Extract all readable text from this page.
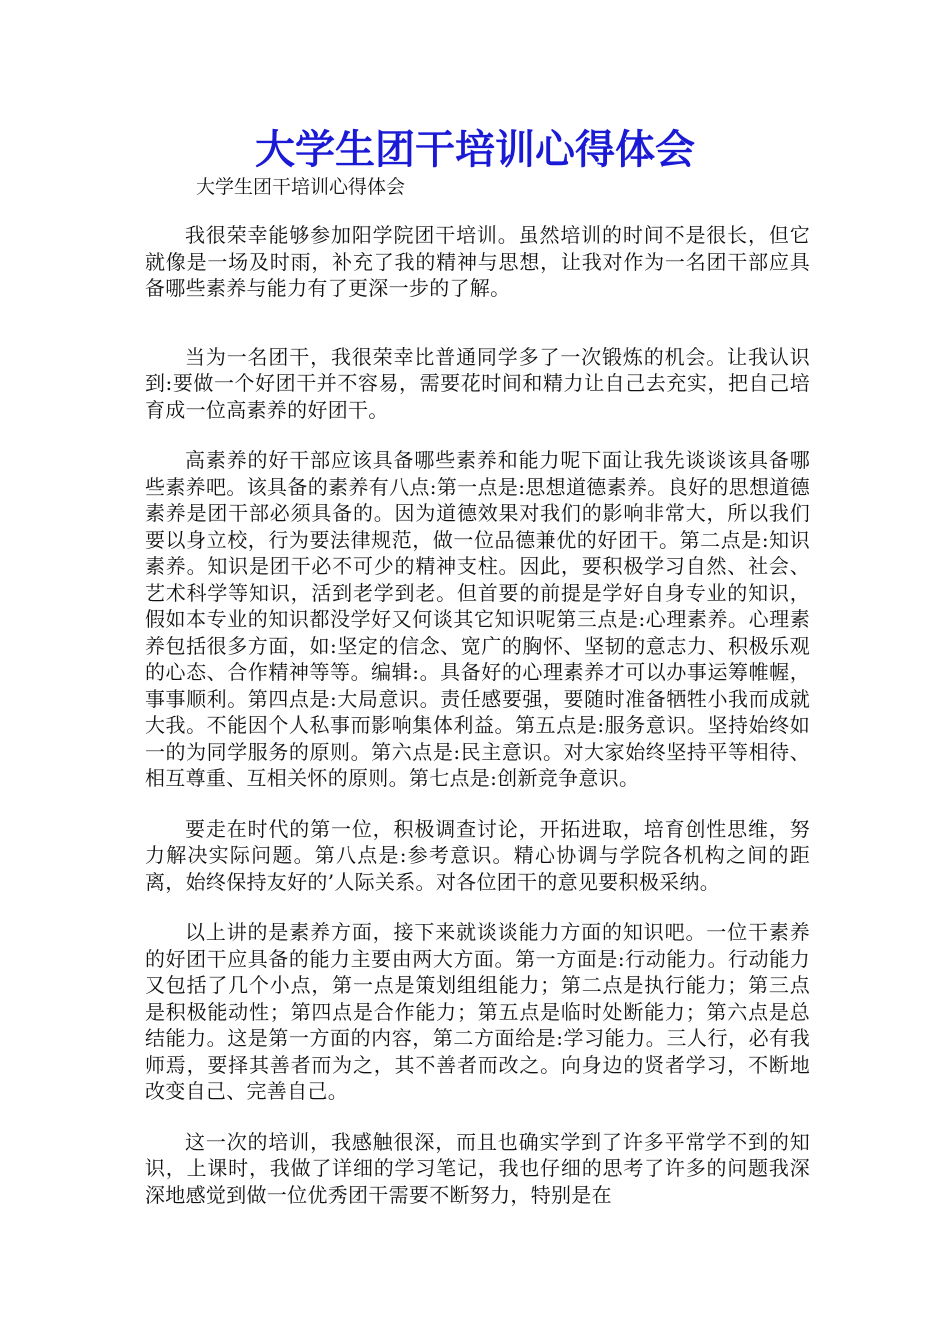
大学生团干培训心得体会

大学生团干培训心得体会

我很荣幸能够参加阳学院团干培训。虽然培训的时间不是很长，但它就像是一场及时雨，补充了我的精神与思想，让我对作为一名团干部应具备哪些素养与能力有了更深一步的了解。

当为一名团干，我很荣幸比普通同学多了一次锻炼的机会。让我认识到:要做一个好团干并不容易，需要花时间和精力让自己去充实，把自己培育成一位高素养的好团干。

高素养的好干部应该具备哪些素养和能力呢下面让我先谈谈该具备哪些素养吧。该具备的素养有八点:第一点是:思想道德素养。良好的思想道德素养是团干部必须具备的。因为道德效果对我们的影响非常大，所以我们要以身立校，行为要法律规范，做一位品德兼优的好团干。第二点是:知识素养。知识是团干必不可少的精神支柱。因此，要积极学习自然、社会、艺术科学等知识，活到老学到老。但首要的前提是学好自身专业的知识，假如本专业的知识都没学好又何谈其它知识呢第三点是:心理素养。心理素养包括很多方面，如:坚定的信念、宽广的胸怀、坚韧的意志力、积极乐观的心态、合作精神等等。编辑:。具备好的心理素养才可以办事运筹帷幄，事事顺利。第四点是:大局意识。责任感要强，要随时准备牺牲小我而成就大我。不能因个人私事而影响集体利益。第五点是:服务意识。坚持始终如一的为同学服务的原则。第六点是:民主意识。对大家始终坚持平等相待、相互尊重、互相关怀的原则。第七点是:创新竞争意识。

要走在时代的第一位，积极调查讨论，开拓进取，培育创性思维，努力解决实际问题。第八点是:参考意识。精心协调与学院各机构之间的距离，始终保持友好的’人际关系。对各位团干的意见要积极采纳。

以上讲的是素养方面，接下来就谈谈能力方面的知识吧。一位干素养的好团干应具备的能力主要由两大方面。第一方面是:行动能力。行动能力又包括了几个小点，第一点是策划组组能力；第二点是执行能力；第三点是积极能动性；第四点是合作能力；第五点是临时处断能力；第六点是总结能力。这是第一方面的内容，第二方面给是:学习能力。三人行，必有我师焉，要择其善者而为之，其不善者而改之。向身边的贤者学习，不断地改变自己、完善自己。

这一次的培训，我感触很深，而且也确实学到了许多平常学不到的知识，上课时，我做了详细的学习笔记，我也仔细的思考了许多的问题我深深地感觉到做一位优秀团干需要不断努力，特别是在
